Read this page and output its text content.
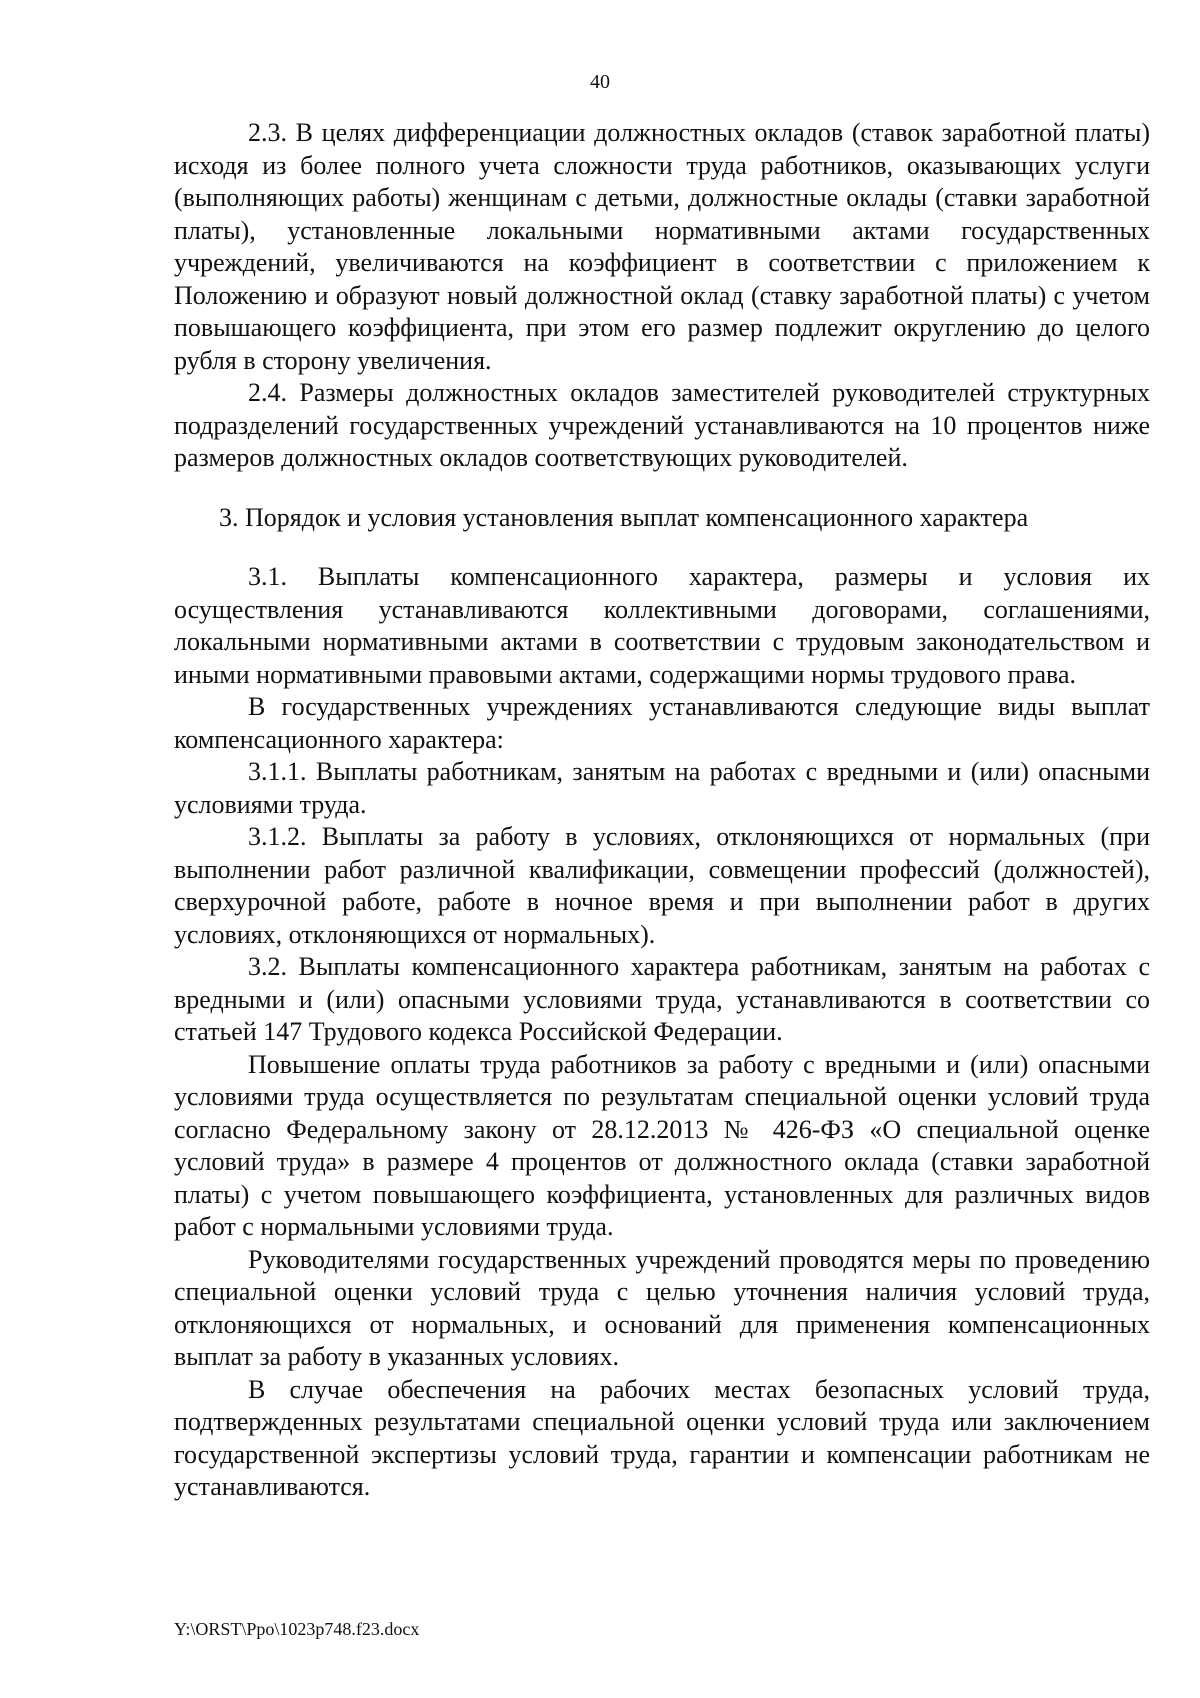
40

2.3. В целях дифференциации должностных окладов (ставок заработной платы) исходя из более полного учета сложности труда работников, оказывающих услуги (выполняющих работы) женщинам с детьми, должностные оклады (ставки заработной платы), установленные локальными нормативными актами государственных учреждений, увеличиваются на коэффициент в соответствии с приложением к Положению и образуют новый должностной оклад (ставку заработной платы) с учетом повышающего коэффициента, при этом его размер подлежит округлению до целого рубля в сторону увеличения.

2.4. Размеры должностных окладов заместителей руководителей структурных подразделений государственных учреждений устанавливаются на 10 процентов ниже размеров должностных окладов соответствующих руководителей.

3. Порядок и условия установления выплат компенсационного характера

3.1. Выплаты компенсационного характера, размеры и условия их осуществления устанавливаются коллективными договорами, соглашениями, локальными нормативными актами в соответствии с трудовым законодательством и иными нормативными правовыми актами, содержащими нормы трудового права.

В государственных учреждениях устанавливаются следующие виды выплат компенсационного характера:

3.1.1. Выплаты работникам, занятым на работах с вредными и (или) опасными условиями труда.

3.1.2. Выплаты за работу в условиях, отклоняющихся от нормальных (при выполнении работ различной квалификации, совмещении профессий (должностей), сверхурочной работе, работе в ночное время и при выполнении работ в других условиях, отклоняющихся от нормальных).

3.2. Выплаты компенсационного характера работникам, занятым на работах с вредными и (или) опасными условиями труда, устанавливаются в соответствии со статьей 147 Трудового кодекса Российской Федерации.

Повышение оплаты труда работников за работу с вредными и (или) опасными условиями труда осуществляется по результатам специальной оценки условий труда согласно Федеральному закону от 28.12.2013 № 426-ФЗ «О специальной оценке условий труда» в размере 4 процентов от должностного оклада (ставки заработной платы) с учетом повышающего коэффициента, установленных для различных видов работ с нормальными условиями труда.

Руководителями государственных учреждений проводятся меры по проведению специальной оценки условий труда с целью уточнения наличия условий труда, отклоняющихся от нормальных, и оснований для применения компенсационных выплат за работу в указанных условиях.

В случае обеспечения на рабочих местах безопасных условий труда, подтвержденных результатами специальной оценки условий труда или заключением государственной экспертизы условий труда, гарантии и компенсации работникам не устанавливаются.

Y:\ORST\Ppo\1023p748.f23.docx
